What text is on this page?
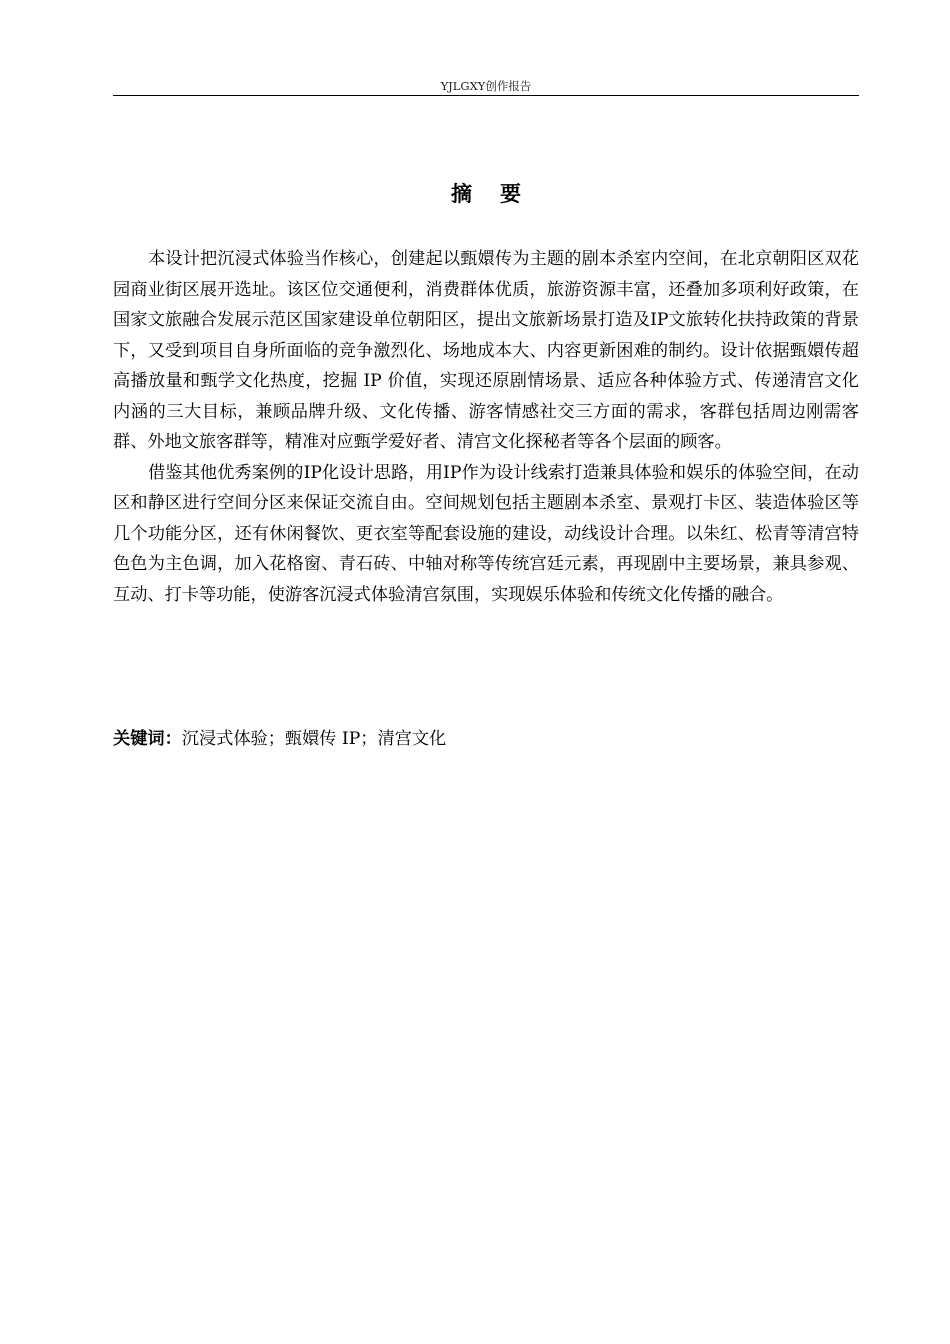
YJLGXY创作报告
摘要

本设计把沉浸式体验当作核心，创建起以甄嬛传为主题的剧本杀室内空间，在北京朝阳区双花园商业街区展开选址。该区位交通便利，消费群体优质，旅游资源丰富，还叠加多项利好政策，在国家文旅融合发展示范区国家建设单位朝阳区，提出文旅新场景打造及IP文旅转化扶持政策的背景下，又受到项目自身所面临的竞争激烈化、场地成本大、内容更新困难的制约。设计依据甄嬛传超高播放量和甄学文化热度，挖掘 IP 价值，实现还原剧情场景、适应各种体验方式、传递清宫文化内涵的三大目标，兼顾品牌升级、文化传播、游客情感社交三方面的需求，客群包括周边刚需客群、外地文旅客群等，精准对应甄学爱好者、清宫文化探秘者等各个层面的顾客。

借鉴其他优秀案例的IP化设计思路，用IP作为设计线索打造兼具体验和娱乐的体验空间，在动区和静区进行空间分区来保证交流自由。空间规划包括主题剧本杀室、景观打卡区、装造体验区等几个功能分区，还有休闲餐饮、更衣室等配套设施的建设，动线设计合理。以朱红、松青等清宫特色色为主色调，加入花格窗、青石砖、中轴对称等传统宫廷元素，再现剧中主要场景，兼具参观、互动、打卡等功能，使游客沉浸式体验清宫氛围，实现娱乐体验和传统文化传播的融合。

关键词：沉浸式体验；甄嬛传 IP；清宫文化
